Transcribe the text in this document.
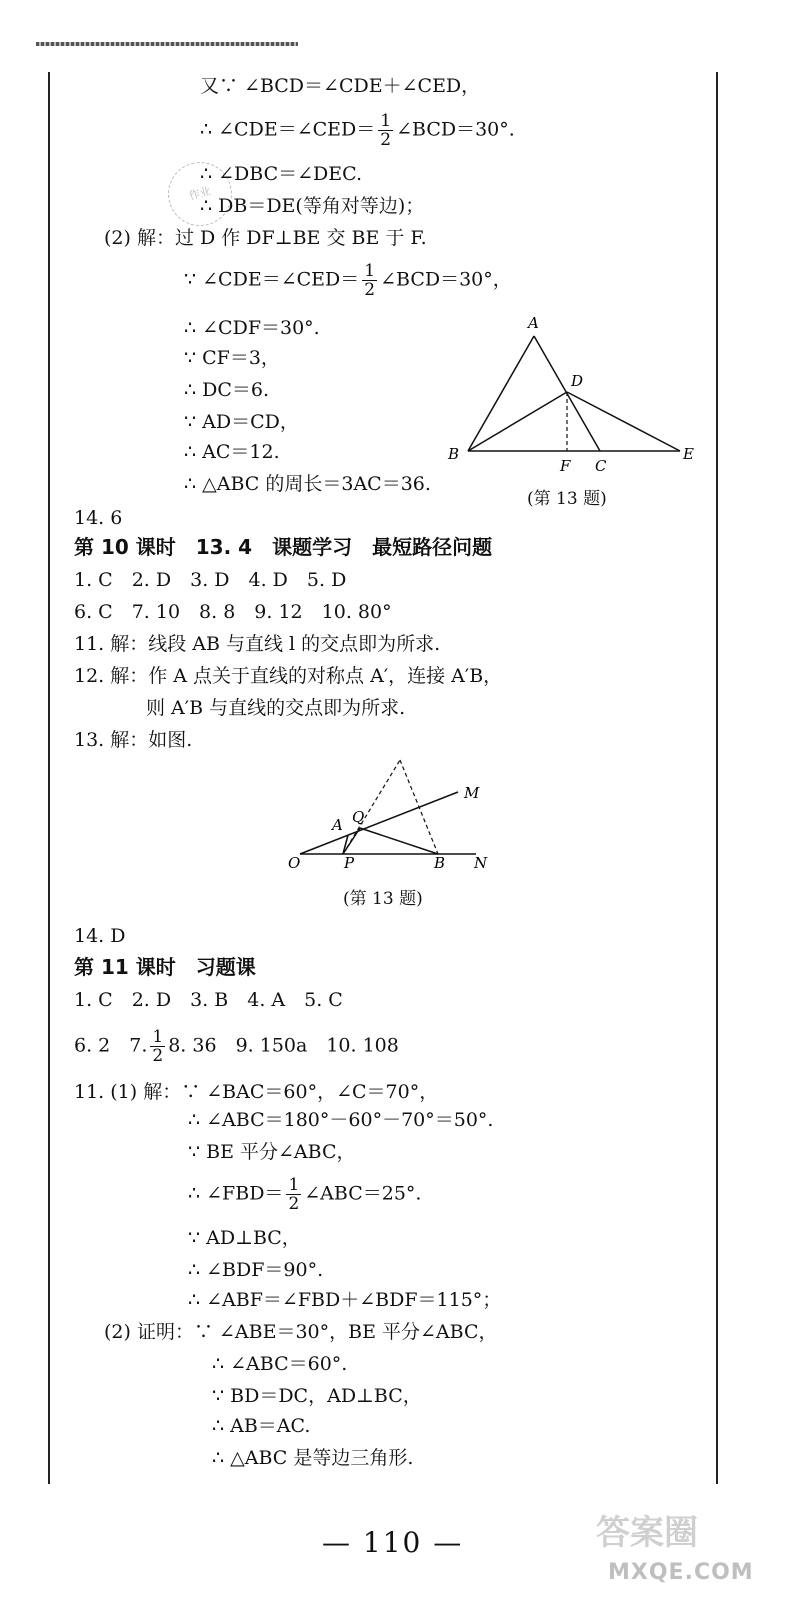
作业
又∵ ∠BCD＝∠CDE＋∠CED，
∴ ∠CDE＝∠CED＝ $\frac{1}{2}$ ∠BCD＝30°.
∴ ∠DBC＝∠DEC.
∴ DB＝DE(等角对等边)；
(2) 解：过 D 作 DF⊥BE 交 BE 于 F.
∵ ∠CDE＝∠CED＝ $\frac{1}{2}$ ∠BCD＝30°，
∴ ∠CDF＝30°.
∵ CF＝3，
∴ DC＝6.
∵ AD＝CD，
∴ AC＝12.
∴ △ABC 的周长＝3AC＝36.
A
D
B
F C
E
(第 13 题)
14. 6
第 10 课时　13. 4　课题学习　最短路径问题
1. C　2. D　3. D　4. D　5. D
6. C　7. 10　8. 8　9. 12　10. 80°
11. 解：线段 AB 与直线 l 的交点即为所求.
12. 解：作 A 点关于直线的对称点 A′，连接 A′B，
则 A′B 与直线的交点即为所求.
13. 解：如图.
A Q
M
O	P	B N
(第 13 题)
14. D
第 11 课时　习题课
1. C　2. D　3. B　4. A　5. C
6. 2　7. $\frac{1}{2} 8$. 36　9. 150a　10. 108
11. (1) 解：∵ ∠BAC＝60°，∠C＝70°，
∴ ∠ABC＝180°－60°－70°＝50°.
∵ BE 平分∠ABC，
∴ ∠FBD＝ $\frac{1}{2}$ ∠ABC＝25°.
∵ AD⊥BC，
∴ ∠BDF＝90°.
∴ ∠ABF＝∠FBD＋∠BDF＝115°；
(2) 证明：∵ ∠ABE＝30°，BE 平分∠ABC，
∴ ∠ABC＝60°.
∵ BD＝DC，AD⊥BC，
∴ AB＝AC.
∴ △ABC 是等边三角形.
— 110 —	答案圈
MXQE.COM
